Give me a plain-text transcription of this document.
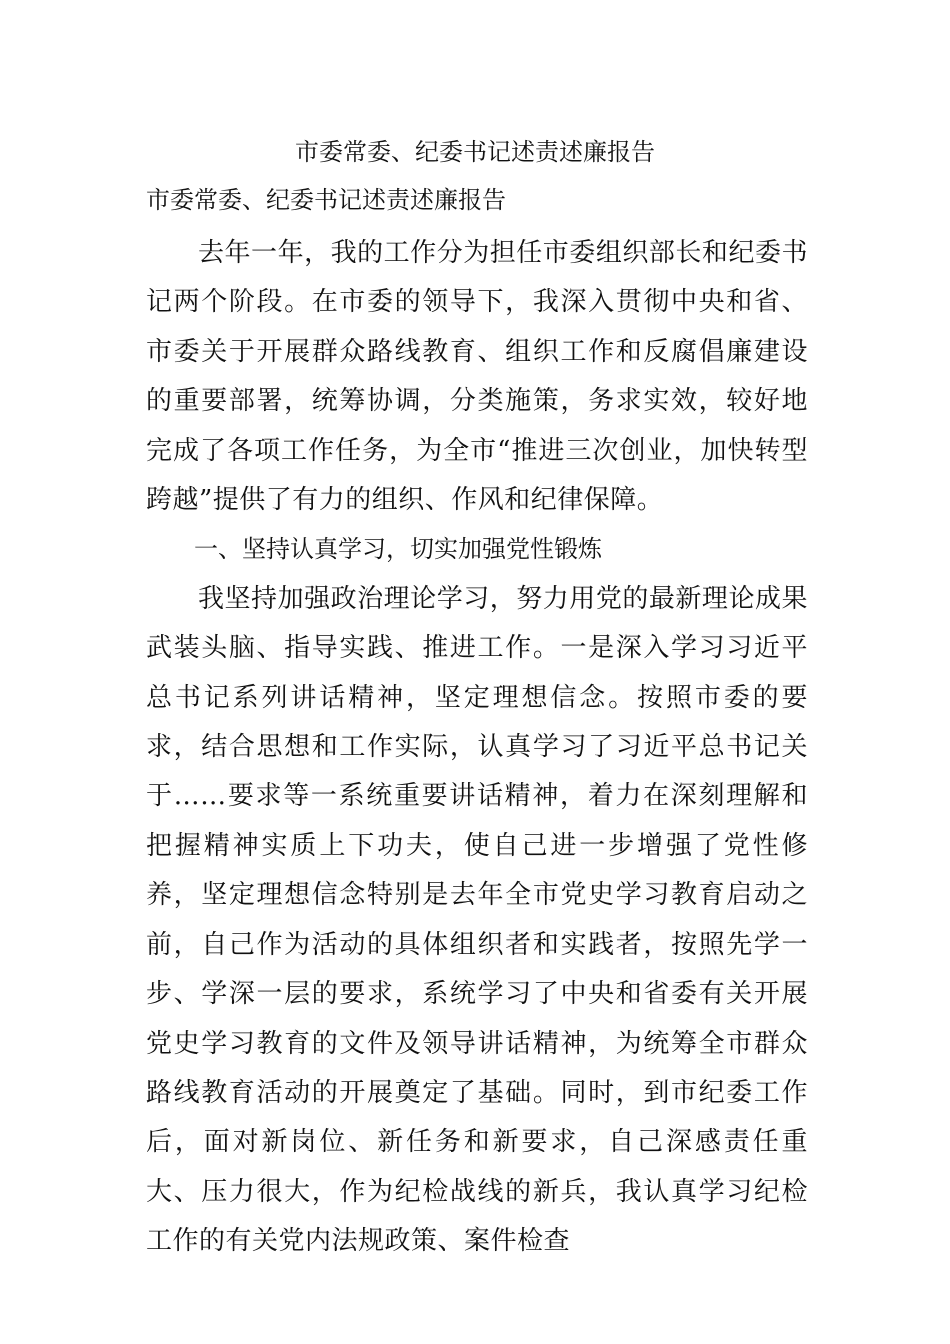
市委常委、纪委书记述责述廉报告
市委常委、纪委书记述责述廉报告

去年一年，我的工作分为担任市委组织部长和纪委书记两个阶段。在市委的领导下，我深入贯彻中央和省、市委关于开展群众路线教育、组织工作和反腐倡廉建设的重要部署，统筹协调，分类施策，务求实效，较好地完成了各项工作任务，为全市“推进三次创业，加快转型跨越”提供了有力的组织、作风和纪律保障。

一、坚持认真学习，切实加强党性锻炼

我坚持加强政治理论学习，努力用党的最新理论成果武装头脑、指导实践、推进工作。一是深入学习习近平总书记系列讲话精神，坚定理想信念。按照市委的要求，结合思想和工作实际，认真学习了习近平总书记关于……要求等一系统重要讲话精神，着力在深刻理解和把握精神实质上下功夫，使自己进一步增强了党性修养，坚定理想信念特别是去年全市党史学习教育启动之前，自己作为活动的具体组织者和实践者，按照先学一步、学深一层的要求，系统学习了中央和省委有关开展党史学习教育的文件及领导讲话精神，为统筹全市群众路线教育活动的开展奠定了基础。同时，到市纪委工作后，面对新岗位、新任务和新要求，自己深感责任重大、压力很大，作为纪检战线的新兵，我认真学习纪检工作的有关党内法规政策、案件检查
